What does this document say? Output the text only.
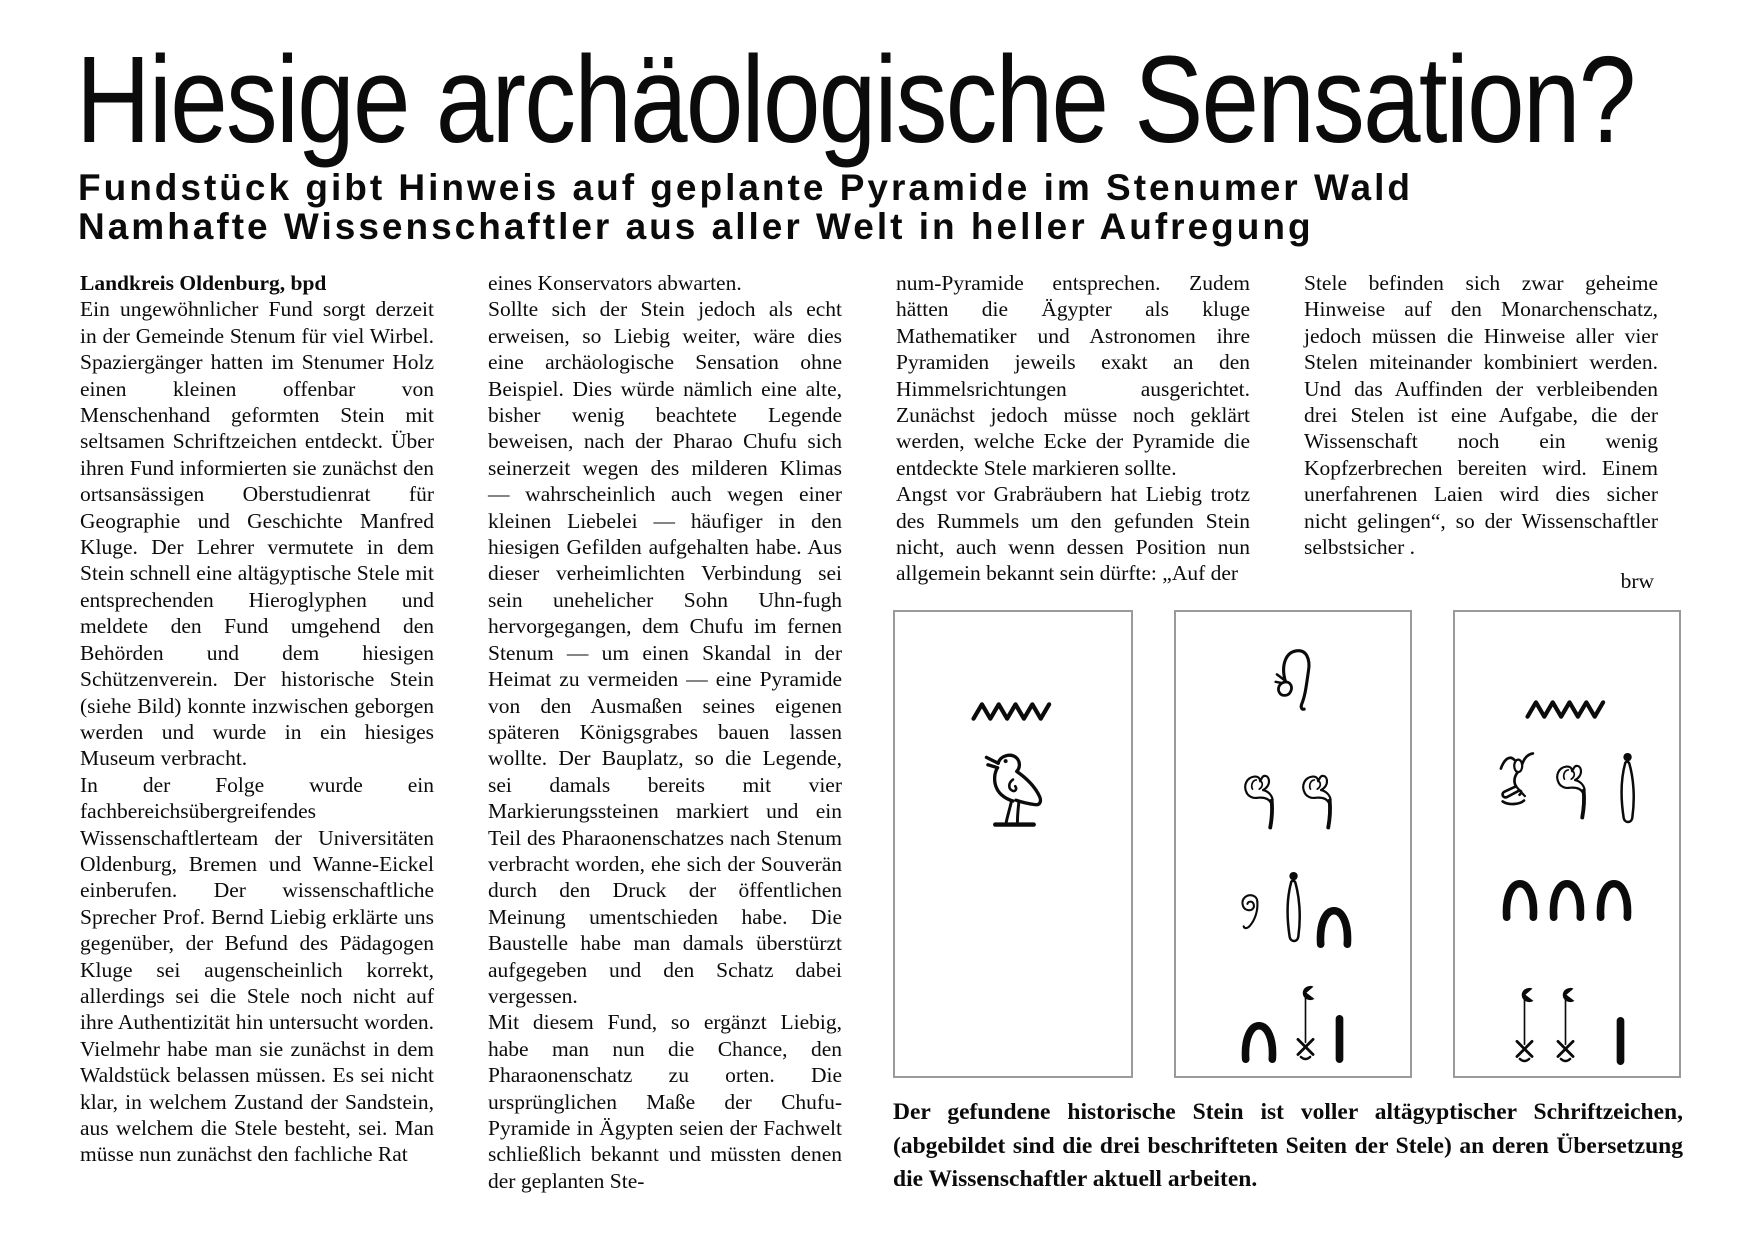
Hiesige archäologische Sensation?
Fundstück gibt Hinweis auf geplante Pyramide im Stenumer Wald
Namhafte Wissenschaftler aus aller Welt in heller Aufregung

Landkreis Oldenburg, bpd

Ein ungewöhnlicher Fund sorgt derzeit in der Gemeinde Stenum für viel Wirbel. Spaziergänger hatten im Stenumer Holz einen kleinen offenbar von Menschenhand geformten Stein mit seltsamen Schriftzeichen entdeckt. Über ihren Fund informierten sie zunächst den ortsansässigen Oberstudienrat für Geographie und Geschichte Manfred Kluge. Der Lehrer vermutete in dem Stein schnell eine altägyptische Stele mit entsprechenden Hieroglyphen und meldete den Fund umgehend den Behörden und dem hiesigen Schützenverein. Der historische Stein (siehe Bild) konnte inzwischen geborgen werden und wurde in ein hiesiges Museum verbracht.

In der Folge wurde ein fachbereichsübergreifendes Wissenschaftlerteam der Universitäten Oldenburg, Bremen und Wanne-Eickel einberufen. Der wissenschaftliche Sprecher Prof. Bernd Liebig erklärte uns gegenüber, der Befund des Pädagogen Kluge sei augenscheinlich korrekt, allerdings sei die Stele noch nicht auf ihre Authentizität hin untersucht worden. Vielmehr habe man sie zunächst in dem Waldstück belassen müssen. Es sei nicht klar, in welchem Zustand der Sandstein, aus welchem die Stele besteht, sei. Man müsse nun zunächst den fachliche Rat

eines Konservators abwarten.

Sollte sich der Stein jedoch als echt erweisen, so Liebig weiter, wäre dies eine archäologische Sensation ohne Beispiel. Dies würde nämlich eine alte, bisher wenig beachtete Legende beweisen, nach der Pharao Chufu sich seinerzeit wegen des milderen Klimas — wahrscheinlich auch wegen einer kleinen Liebelei — häufiger in den hiesigen Gefilden aufgehalten habe. Aus dieser verheimlichten Verbindung sei sein unehelicher Sohn Uhn-fugh hervorgegangen, dem Chufu im fernen Stenum — um einen Skandal in der Heimat zu vermeiden — eine Pyramide von den Ausmaßen seines eigenen späteren Königsgrabes bauen lassen wollte. Der Bauplatz, so die Legende, sei damals bereits mit vier Markierungssteinen markiert und ein Teil des Pharaonenschatzes nach Stenum verbracht worden, ehe sich der Souverän durch den Druck der öffentlichen Meinung umentschieden habe. Die Baustelle habe man damals überstürzt aufgegeben und den Schatz dabei vergessen.

Mit diesem Fund, so ergänzt Liebig, habe man nun die Chance, den Pharaonenschatz zu orten. Die ursprünglichen Maße der Chufu-Pyramide in Ägypten seien der Fachwelt schließlich bekannt und müssten denen der geplanten Ste-

num-Pyramide entsprechen. Zudem hätten die Ägypter als kluge Mathematiker und Astronomen ihre Pyramiden jeweils exakt an den Himmelsrichtungen ausgerichtet. Zunächst jedoch müsse noch geklärt werden, welche Ecke der Pyramide die entdeckte Stele markieren sollte.

Angst vor Grabräubern hat Liebig trotz des Rummels um den gefunden Stein nicht, auch wenn dessen Position nun allgemein bekannt sein dürfte: „Auf der

Stele befinden sich zwar geheime Hinweise auf den Monarchenschatz, jedoch müssen die Hinweise aller vier Stelen miteinander kombiniert werden. Und das Auffinden der verbleibenden drei Stelen ist eine Aufgabe, die der Wissenschaft noch ein wenig Kopfzerbrechen bereiten wird. Einem unerfahrenen Laien wird dies sicher nicht gelingen“, so der Wissenschaftler selbstsicher .

brw

Der gefundene historische Stein ist voller altägyptischer Schriftzeichen, (abgebildet sind die drei beschrifteten Seiten der Stele) an deren Übersetzung die Wissenschaftler aktuell arbeiten.
